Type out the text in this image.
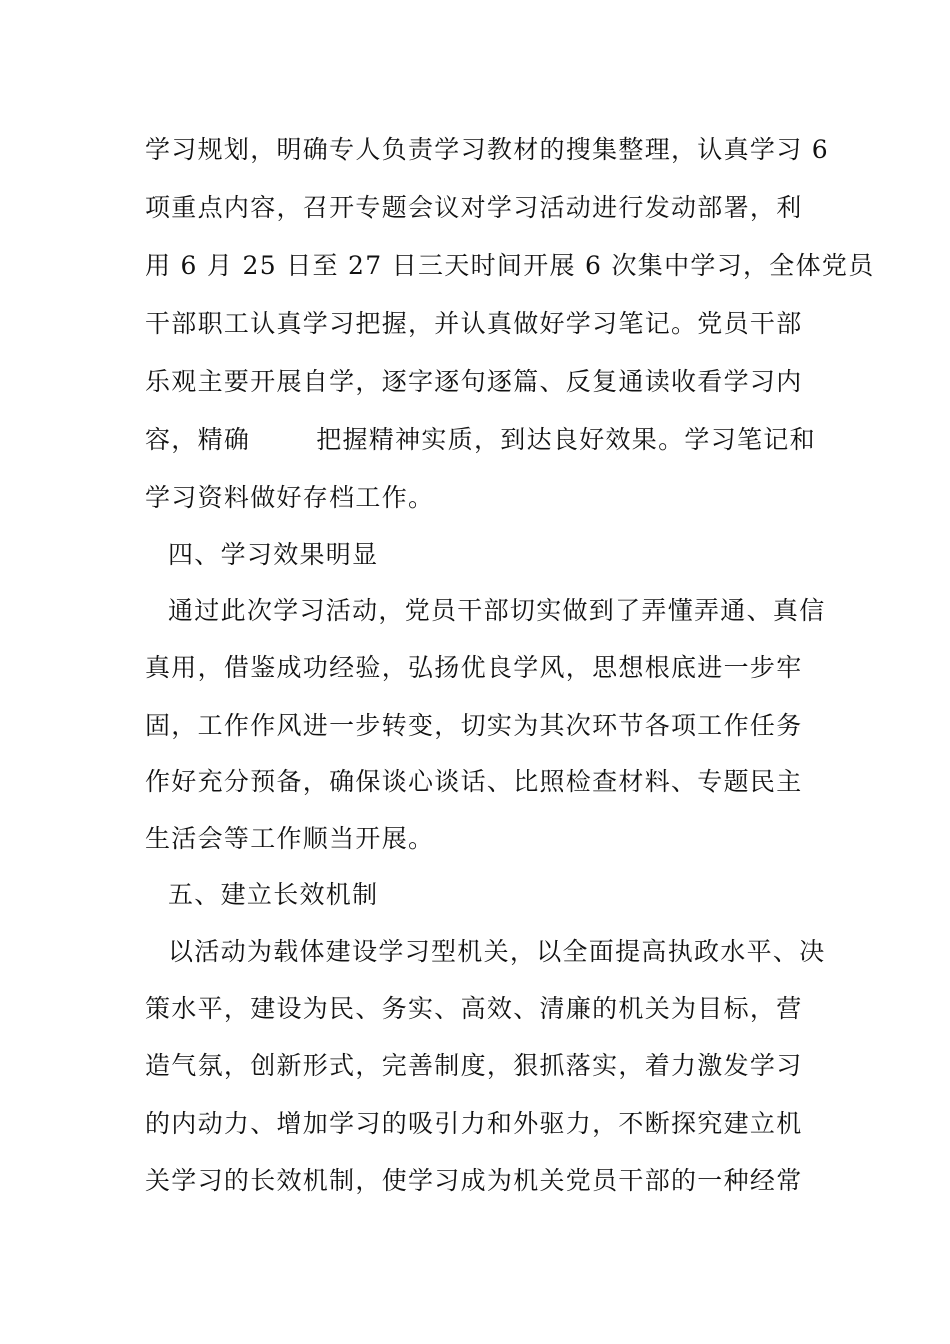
学习规划，明确专人负责学习教材的搜集整理，认真学习 6
项重点内容，召开专题会议对学习活动进行发动部署，利
用 6 月 25 日至 27 日三天时间开展 6 次集中学习，全体党员
干部职工认真学习把握，并认真做好学习笔记。党员干部
乐观主要开展自学，逐字逐句逐篇、反复通读收看学习内
容，精确	把握精神实质，到达良好效果。学习笔记和
学习资料做好存档工作。
四、学习效果明显
通过此次学习活动，党员干部切实做到了弄懂弄通、真信
真用，借鉴成功经验，弘扬优良学风，思想根底进一步牢
固，工作作风进一步转变，切实为其次环节各项工作任务
作好充分预备，确保谈心谈话、比照检查材料、专题民主
生活会等工作顺当开展。
五、建立长效机制
以活动为载体建设学习型机关，以全面提高执政水平、决
策水平，建设为民、务实、高效、清廉的机关为目标，营
造气氛，创新形式，完善制度，狠抓落实，着力激发学习
的内动力、增加学习的吸引力和外驱力，不断探究建立机
关学习的长效机制，使学习成为机关党员干部的一种经常
